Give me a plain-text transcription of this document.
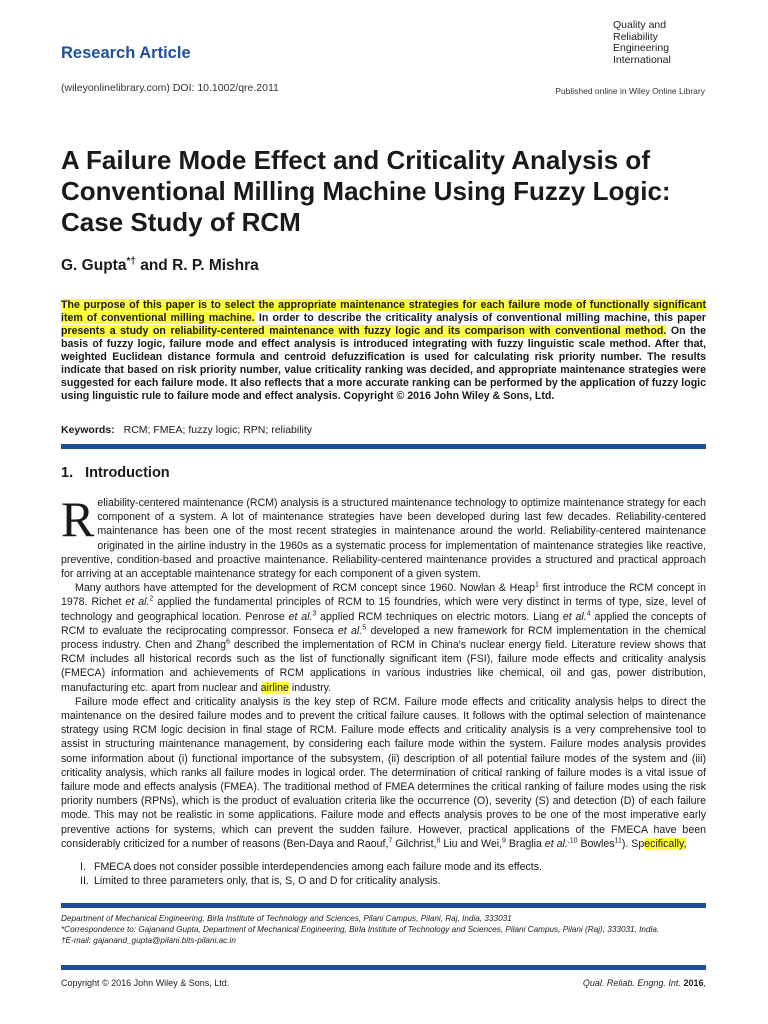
Quality and
Reliability
Engineering
International
Research Article
(wileyonlinelibrary.com) DOI: 10.1002/qre.2011	Published online in Wiley Online Library
A Failure Mode Effect and Criticality Analysis of Conventional Milling Machine Using Fuzzy Logic: Case Study of RCM
G. Gupta*† and R. P. Mishra
The purpose of this paper is to select the appropriate maintenance strategies for each failure mode of functionally significant item of conventional milling machine. In order to describe the criticality analysis of conventional milling machine, this paper presents a study on reliability-centered maintenance with fuzzy logic and its comparison with conventional method. On the basis of fuzzy logic, failure mode and effect analysis is introduced integrating with fuzzy linguistic scale method. After that, weighted Euclidean distance formula and centroid defuzzification is used for calculating risk priority number. The results indicate that based on risk priority number, value criticality ranking was decided, and appropriate maintenance strategies were suggested for each failure mode. It also reflects that a more accurate ranking can be performed by the application of fuzzy logic using linguistic rule to failure mode and effect analysis. Copyright © 2016 John Wiley & Sons, Ltd.
Keywords: RCM; FMEA; fuzzy logic; RPN; reliability
1. Introduction

Reliability-centered maintenance (RCM) analysis is a structured maintenance technology to optimize maintenance strategy for each component of a system. A lot of maintenance strategies have been developed during last few decades. Reliability-centered maintenance has been one of the most recent strategies in maintenance around the world. Reliability-centered maintenance originated in the airline industry in the 1960s as a systematic process for implementation of maintenance strategies like reactive, preventive, condition-based and proactive maintenance. Reliability-centered maintenance provides a structured and practical approach for arriving at an acceptable maintenance strategy for each component of a given system.

Many authors have attempted for the development of RCM concept since 1960. Nowlan & Heap$^1$ first introduce the RCM concept in 1978. Richet et al.$^2$ applied the fundamental principles of RCM to 15 foundries, which were very distinct in terms of type, size, level of technology and geographical location. Penrose et al.$^3$ applied RCM techniques on electric motors. Liang et al.$^4$ applied the concepts of RCM to evaluate the reciprocating compressor. Fonseca et al.$^5$ developed a new framework for RCM implementation in the chemical process industry. Chen and Zhang$^6$ described the implementation of RCM in China's nuclear energy field. Literature review shows that RCM includes all historical records such as the list of functionally significant item (FSI), failure mode effects and criticality analysis (FMECA) information and achievements of RCM applications in various industries like chemical, oil and gas, power distribution, manufacturing etc. apart from nuclear and airline industry.

Failure mode effect and criticality analysis is the key step of RCM. Failure mode effects and criticality analysis helps to direct the maintenance on the desired failure modes and to prevent the critical failure causes. It follows with the optimal selection of maintenance strategy using RCM logic decision in final stage of RCM. Failure mode effects and criticality analysis is a very comprehensive tool to assist in structuring maintenance management, by considering each failure mode within the system. Failure modes analysis provides some information about (i) functional importance of the subsystem, (ii) description of all potential failure modes of the system and (iii) criticality analysis, which ranks all failure modes in logical order. The determination of critical ranking of failure modes is a vital issue of failure mode and effects analysis (FMEA). The traditional method of FMEA determines the critical ranking of failure modes using the risk priority numbers (RPNs), which is the product of evaluation criteria like the occurrence (O), severity (S) and detection (D) of each failure mode. This may not be realistic in some applications. Failure mode and effects analysis proves to be one of the most imperative early preventive actions for systems, which can prevent the sudden failure. However, practical applications of the FMECA have been considerably criticized for a number of reasons (Ben-Daya and Raouf,$^7$ Gilchrist,$^8$ Liu and Wei,$^9$ Braglia et al.$^{,10}$ Bowles$^{11}$). Specifically,

I. FMECA does not consider possible interdependencies among each failure mode and its effects.
II. Limited to three parameters only, that is, S, O and D for criticality analysis.
Department of Mechanical Engineering, Birla Institute of Technology and Sciences, Pilani Campus, Pilani, Raj, India, 333031
*Correspondence to: Gajanand Gupta, Department of Mechanical Engineering, Birla Institute of Technology and Sciences, Pilani Campus, Pilani (Raj), 333031, India.
†E-mail: gajanand_gupta@pilani.bits-pilani.ac.in
Copyright © 2016 John Wiley & Sons, Ltd.	Qual. Reliab. Engng. Int. 2016,
